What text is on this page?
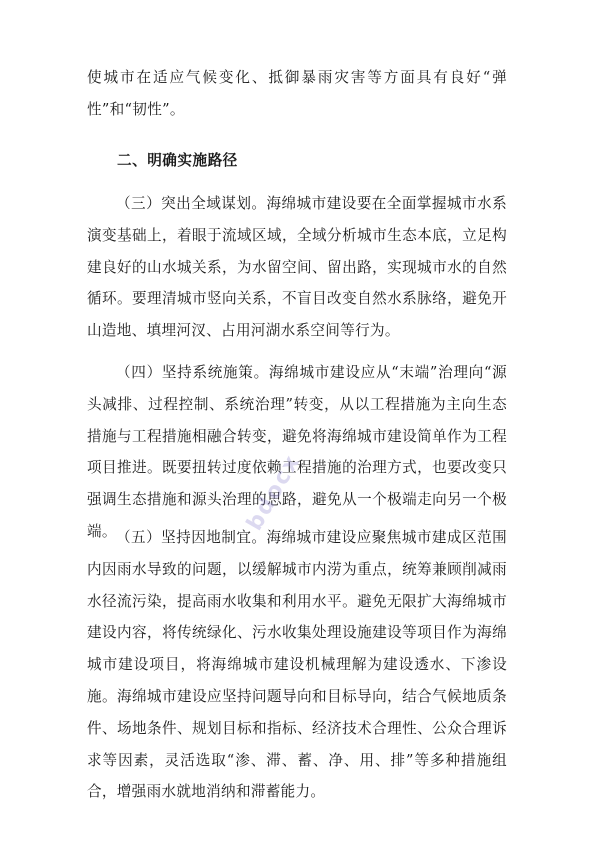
使城市在适应气候变化、抵御暴雨灾害等方面具有良好“弹性”和“韧性”。
二、明确实施路径
（三）突出全域谋划。海绵城市建设要在全面掌握城市水系演变基础上，着眼于流域区域，全域分析城市生态本底，立足构建良好的山水城关系，为水留空间、留出路，实现城市水的自然循环。要理清城市竖向关系，不盲目改变自然水系脉络，避免开山造地、填埋河汊、占用河湖水系空间等行为。
（四）坚持系统施策。海绵城市建设应从“末端”治理向“源头减排、过程控制、系统治理”转变，从以工程措施为主向生态措施与工程措施相融合转变，避免将海绵城市建设简单作为工程项目推进。既要扭转过度依赖工程措施的治理方式，也要改变只强调生态措施和源头治理的思路，避免从一个极端走向另一个极端。 （五）坚持因地制宜。海绵城市建设应聚焦城市建成区范围内因雨水导致的问题，以缓解城市内涝为重点，统筹兼顾削减雨水径流污染，提高雨水收集和利用水平。避免无限扩大海绵城市建设内容，将传统绿化、污水收集处理设施建设等项目作为海绵城市建设项目，将海绵城市建设机械理解为建设透水、下渗设施。海绵城市建设应坚持问题导向和目标导向，结合气候地质条件、场地条件、规划目标和指标、经济技术合理性、公众合理诉求等因素，灵活选取“渗、滞、蓄、净、用、排”等多种措施组合，增强雨水就地消纳和滞蓄能力。
bdocx
